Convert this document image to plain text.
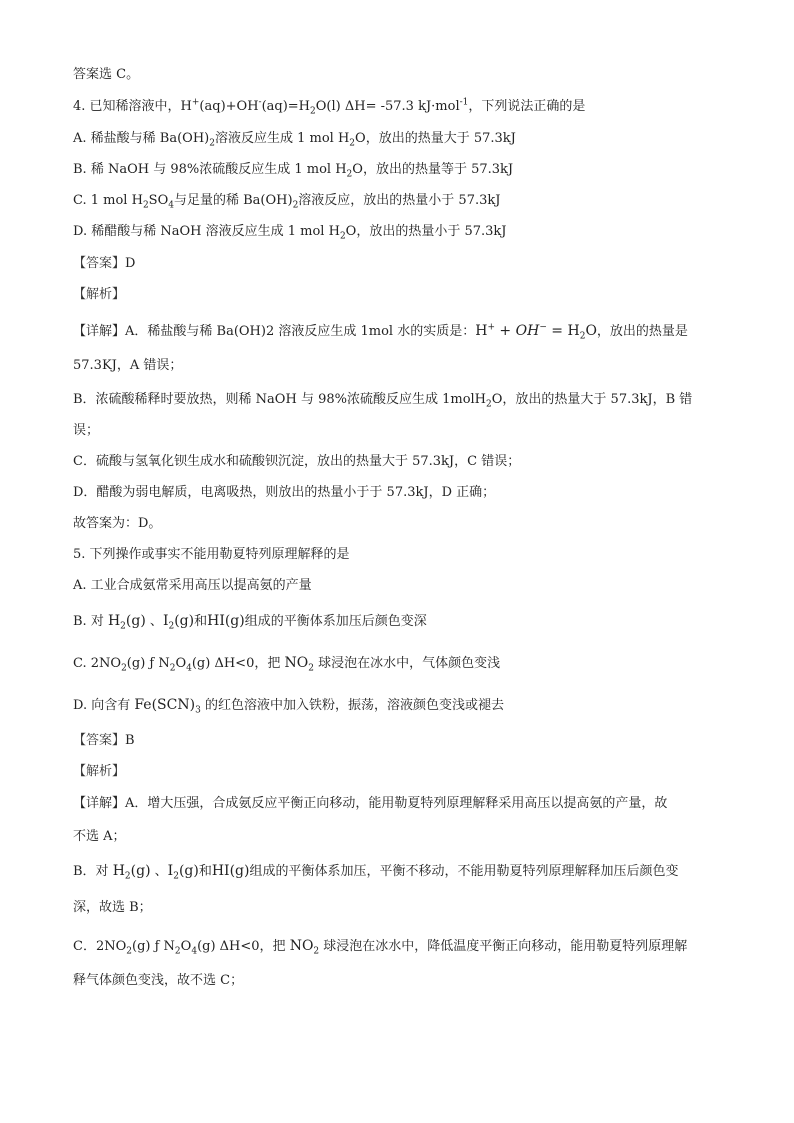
答案选 C。
4. 已知稀溶液中，$H^+(aq)+OH^-(aq)=H_2O(l)$ ΔH= -57.3 kJ·mol$^{-1}$，下列说法正确的是
A. 稀盐酸与稀 $Ba(OH)_2$溶液反应生成 1 mol $H_2O$，放出的热量大于 57.3kJ
B. 稀 NaOH 与 98%浓硫酸反应生成 1 mol $H_2O$，放出的热量等于 57.3kJ
C. 1 mol $H_2SO_4$与足量的稀 $Ba(OH)_2$溶液反应，放出的热量小于 57.3kJ
D. 稀醋酸与稀 NaOH 溶液反应生成 1 mol $H_2O$，放出的热量小于 57.3kJ
【答案】D
【解析】
【详解】A．稀盐酸与稀 Ba(OH)2 溶液反应生成 1mol 水的实质是：$H^+ + OH^- = H_2O$，放出的热量是
57.3KJ，A 错误；
B．浓硫酸稀释时要放热，则稀 NaOH 与 98%浓硫酸反应生成 1molH$_2$O，放出的热量大于 57.3kJ，B 错
误；
C．硫酸与氢氧化钡生成水和硫酸钡沉淀，放出的热量大于 57.3kJ，C 错误；
D．醋酸为弱电解质，电离吸热，则放出的热量小于于 57.3kJ，D 正确；
故答案为：D。
5. 下列操作或事实不能用勒夏特列原理解释的是
A. 工业合成氨常采用高压以提高氨的产量
B. 对 $H_2(g)$ 、$I_2(g)$和HI(g)组成的平衡体系加压后颜色变深
C. $2NO_2(g)$ ƒ $N_2O_4(g)$ ΔH<0，把 $NO_2$ 球浸泡在冰水中，气体颜色变浅
D. 向含有 $Fe(SCN)_3$ 的红色溶液中加入铁粉，振荡，溶液颜色变浅或褪去
【答案】B
【解析】
【详解】A．增大压强，合成氨反应平衡正向移动，能用勒夏特列原理解释采用高压以提高氨的产量，故
不选 A；
B．对 $H_2(g)$ 、$I_2(g)$和HI(g)组成的平衡体系加压，平衡不移动，不能用勒夏特列原理解释加压后颜色变
深，故选 B；
C．$2NO_2(g)$ ƒ $N_2O_4(g)$ ΔH<0，把 $NO_2$ 球浸泡在冰水中，降低温度平衡正向移动，能用勒夏特列原理解
释气体颜色变浅，故不选 C；
